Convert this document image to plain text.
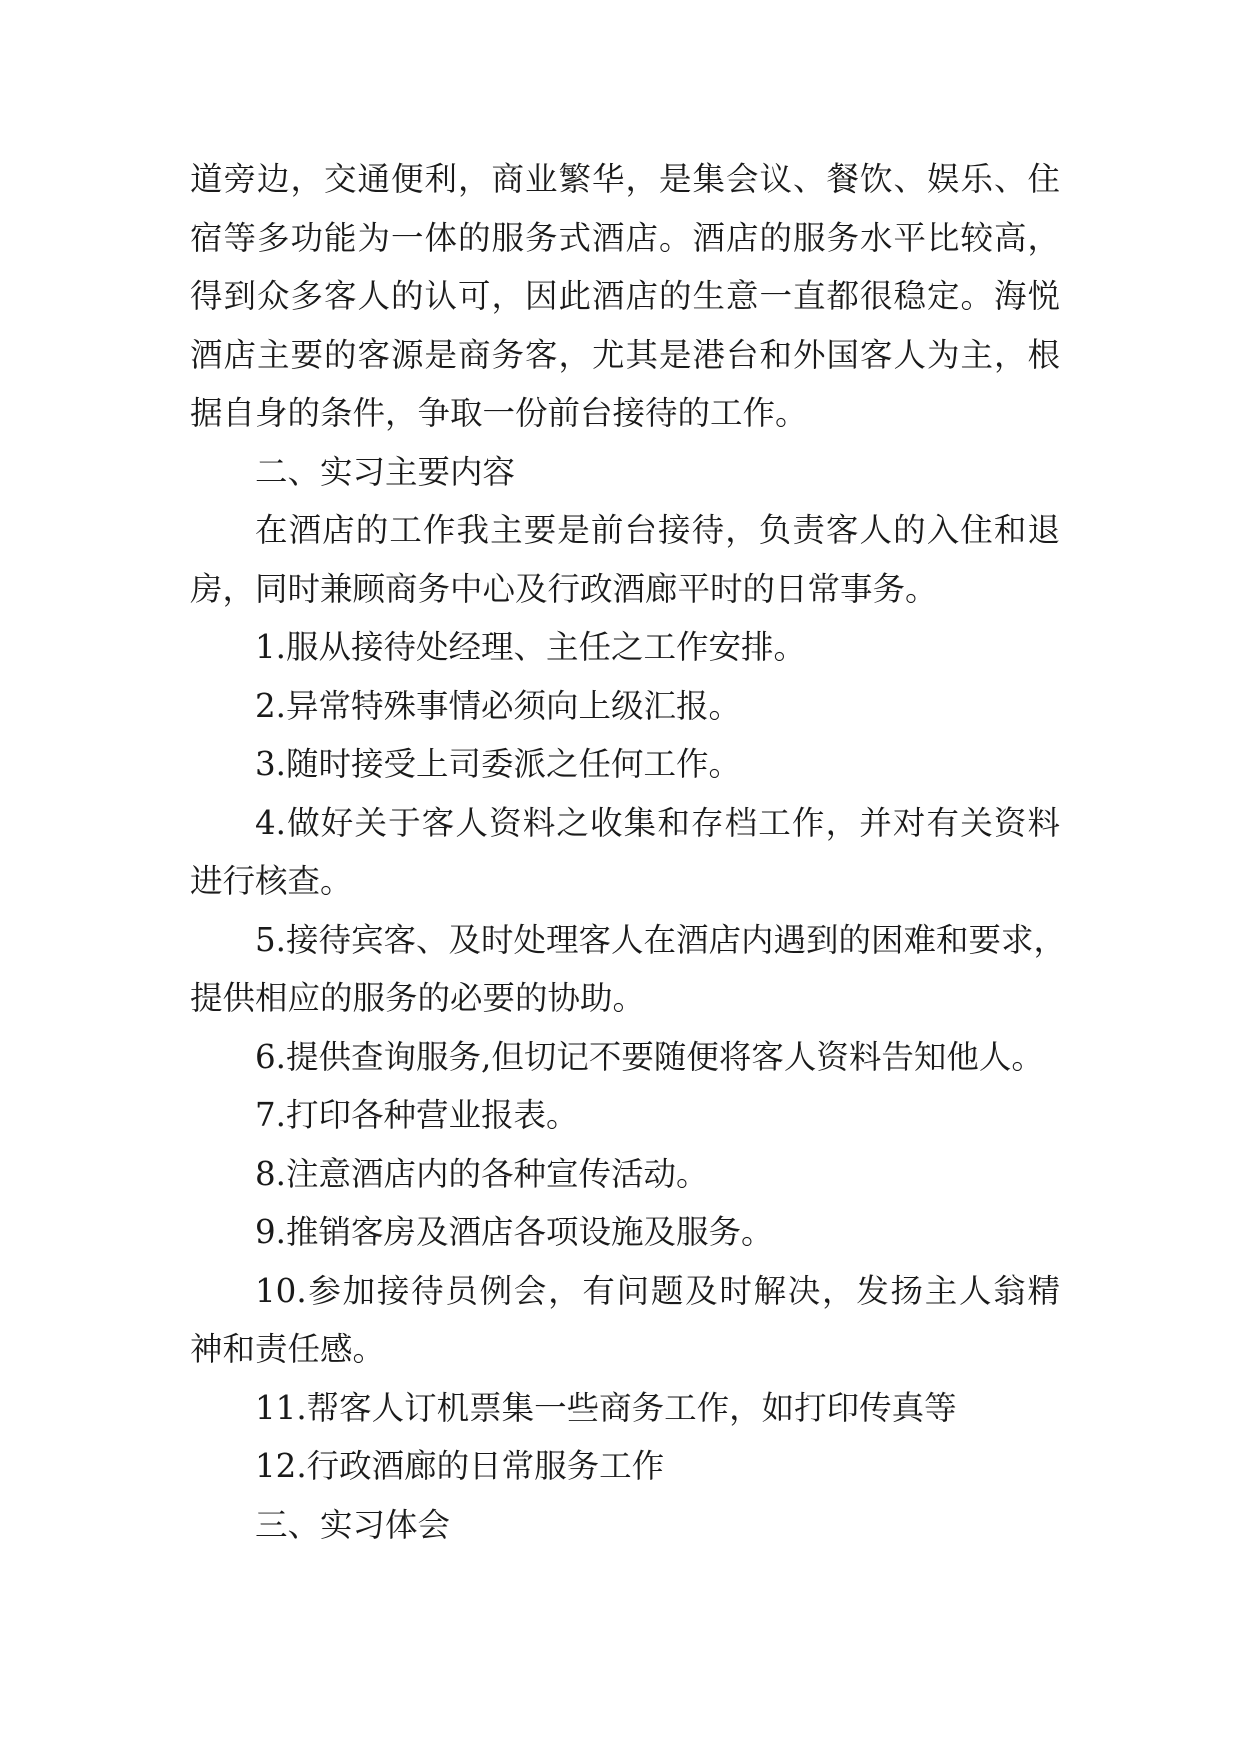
道旁边，交通便利，商业繁华，是集会议、餐饮、娱乐、住
宿等多功能为一体的服务式酒店。酒店的服务水平比较高，
得到众多客人的认可，因此酒店的生意一直都很稳定。海悦
酒店主要的客源是商务客，尤其是港台和外国客人为主，根
据自身的条件，争取一份前台接待的工作。
二、实习主要内容
在酒店的工作我主要是前台接待，负责客人的入住和退
房，同时兼顾商务中心及行政酒廊平时的日常事务。
1.服从接待处经理、主任之工作安排。
2.异常特殊事情必须向上级汇报。
3.随时接受上司委派之任何工作。
4.做好关于客人资料之收集和存档工作，并对有关资料
进行核查。
5.接待宾客、及时处理客人在酒店内遇到的困难和要求，
提供相应的服务的必要的协助。
6.提供查询服务,但切记不要随便将客人资料告知他人。
7.打印各种营业报表。
8.注意酒店内的各种宣传活动。
9.推销客房及酒店各项设施及服务。
10.参加接待员例会，有问题及时解决，发扬主人翁精
神和责任感。
11.帮客人订机票集一些商务工作，如打印传真等
12.行政酒廊的日常服务工作
三、实习体会
